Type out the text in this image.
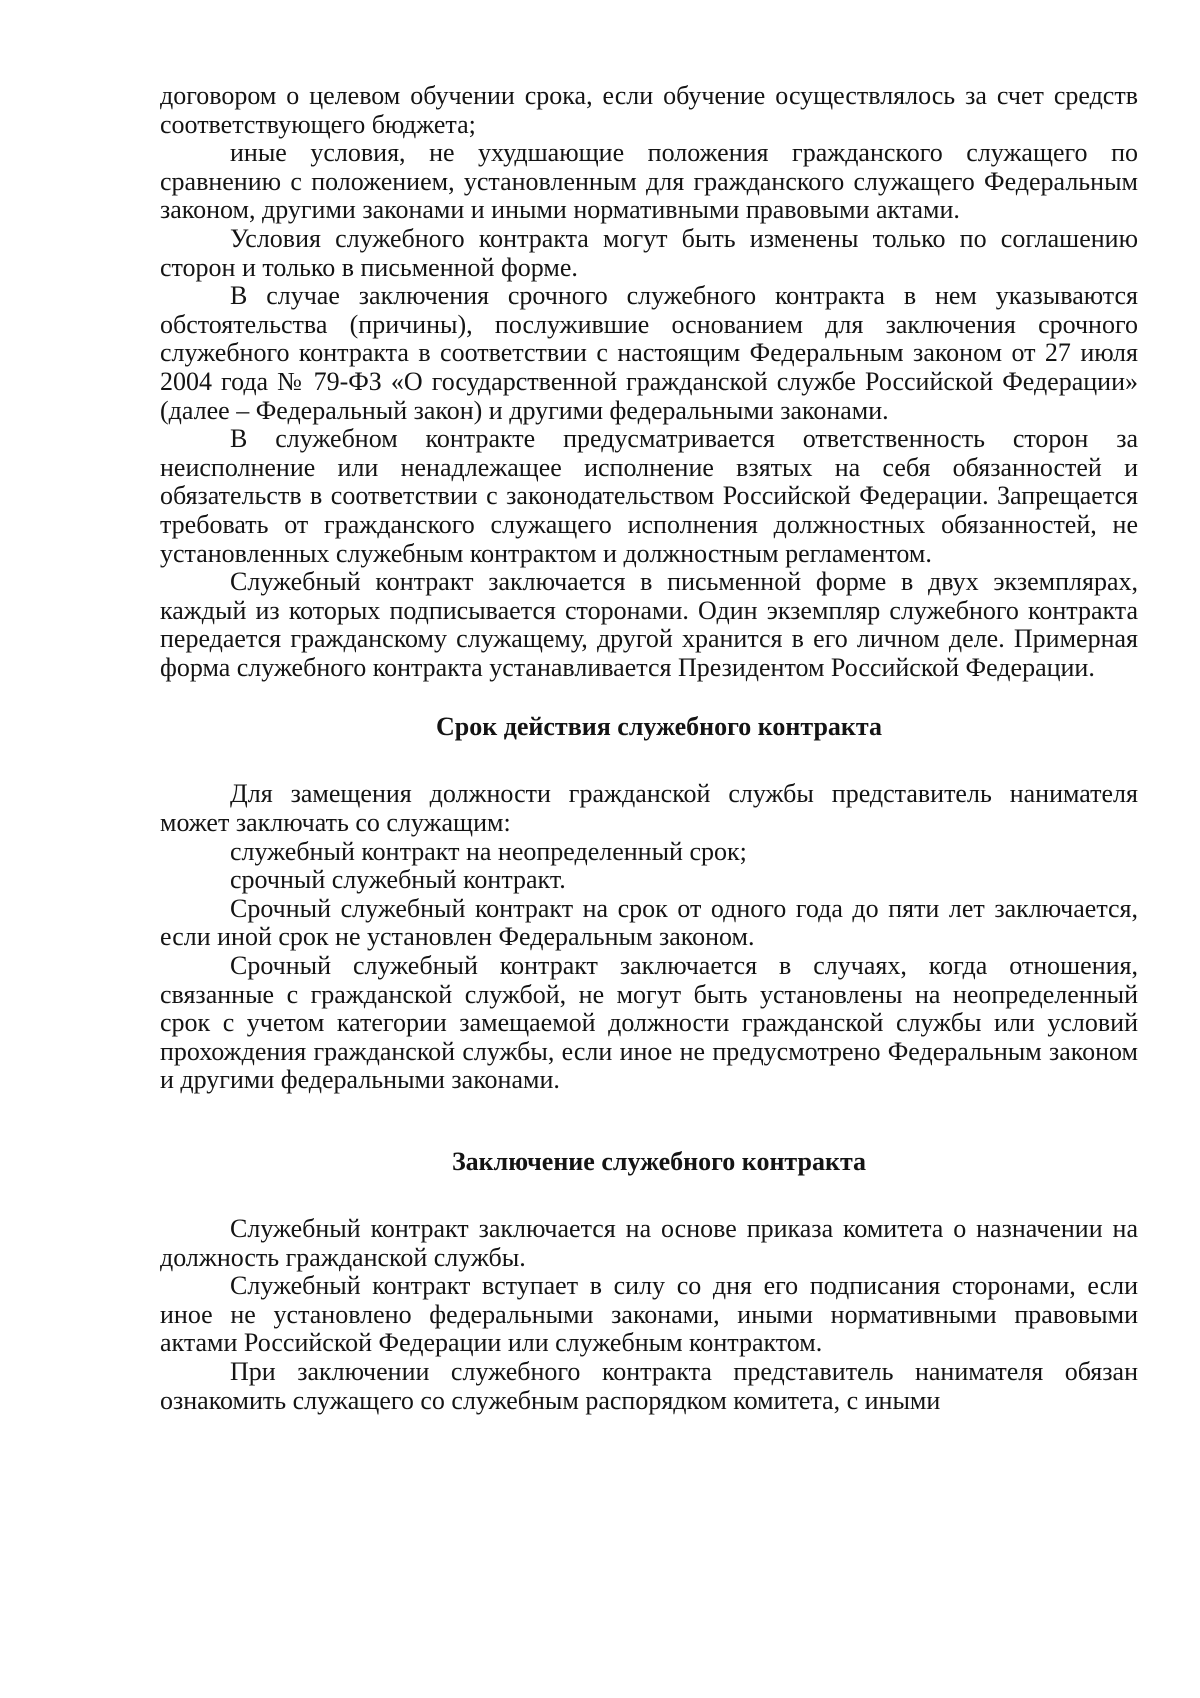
договором о целевом обучении срока, если обучение осуществлялось за счет средств соответствующего бюджета;

иные условия, не ухудшающие положения гражданского служащего по сравнению с положением, установленным для гражданского служащего Федеральным законом, другими законами и иными нормативными правовыми актами.

Условия служебного контракта могут быть изменены только по соглашению сторон и только в письменной форме.

В случае заключения срочного служебного контракта в нем указываются обстоятельства (причины), послужившие основанием для заключения срочного служебного контракта в соответствии с настоящим Федеральным законом от 27 июля 2004 года № 79-ФЗ «О государственной гражданской службе Российской Федерации» (далее – Федеральный закон) и другими федеральными законами.

В служебном контракте предусматривается ответственность сторон за неисполнение или ненадлежащее исполнение взятых на себя обязанностей и обязательств в соответствии с законодательством Российской Федерации. Запрещается требовать от гражданского служащего исполнения должностных обязанностей, не установленных служебным контрактом и должностным регламентом.

Служебный контракт заключается в письменной форме в двух экземплярах, каждый из которых подписывается сторонами. Один экземпляр служебного контракта передается гражданскому служащему, другой хранится в его личном деле. Примерная форма служебного контракта устанавливается Президентом Российской Федерации.

Срок действия служебного контракта

Для замещения должности гражданской службы представитель нанимателя может заключать со служащим:

служебный контракт на неопределенный срок;

срочный служебный контракт.

Срочный служебный контракт на срок от одного года до пяти лет заключается, если иной срок не установлен Федеральным законом.

Срочный служебный контракт заключается в случаях, когда отношения, связанные с гражданской службой, не могут быть установлены на неопределенный срок с учетом категории замещаемой должности гражданской службы или условий прохождения гражданской службы, если иное не предусмотрено Федеральным законом и другими федеральными законами.

Заключение служебного контракта

Служебный контракт заключается на основе приказа комитета о назначении на должность гражданской службы.

Служебный контракт вступает в силу со дня его подписания сторонами, если иное не установлено федеральными законами, иными нормативными правовыми актами Российской Федерации или служебным контрактом.

При заключении служебного контракта представитель нанимателя обязан ознакомить служащего со служебным распорядком комитета, с иными
